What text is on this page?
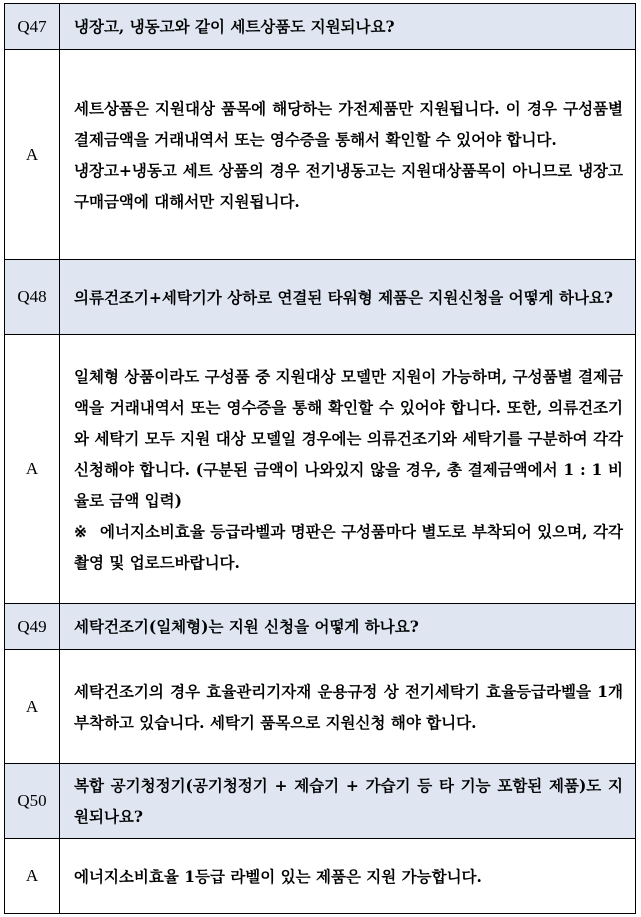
Q47	냉장고, 냉동고와 같이 세트상품도 지원되나요?
A	세트상품은 지원대상 품목에 해당하는 가전제품만 지원됩니다. 이 경우 구성품별 결제금액을 거래내역서 또는 영수증을 통해서 확인할 수 있어야 합니다.
냉장고+냉동고 세트 상품의 경우 전기냉동고는 지원대상품목이 아니므로 냉장고 구매금액에 대해서만 지원됩니다.

Q48	의류건조기+세탁기가 상하로 연결된 타워형 제품은 지원신청을 어떻게 하나요?
A	일체형 상품이라도 구성품 중 지원대상 모델만 지원이 가능하며, 구성품별 결제금액을 거래내역서 또는 영수증을 통해 확인할 수 있어야 합니다. 또한, 의류건조기와 세탁기 모두 지원 대상 모델일 경우에는 의류건조기와 세탁기를 구분하여 각각 신청해야 합니다. (구분된 금액이 나와있지 않을 경우, 총 결제금액에서 1 : 1 비율로 금액 입력)
※ 에너지소비효율 등급라벨과 명판은 구성품마다 별도로 부착되어 있으며, 각각 촬영 및 업로드바랍니다.

Q49	세탁건조기(일체형)는 지원 신청을 어떻게 하나요?
A	세탁건조기의 경우 효율관리기자재 운용규정 상 전기세탁기 효율등급라벨을 1개 부착하고 있습니다. 세탁기 품목으로 지원신청 해야 합니다.

Q50	복합 공기청정기(공기청정기 + 제습기 + 가습기 등 타 기능 포함된 제품)도 지원되나요?
A	에너지소비효율 1등급 라벨이 있는 제품은 지원 가능합니다.
